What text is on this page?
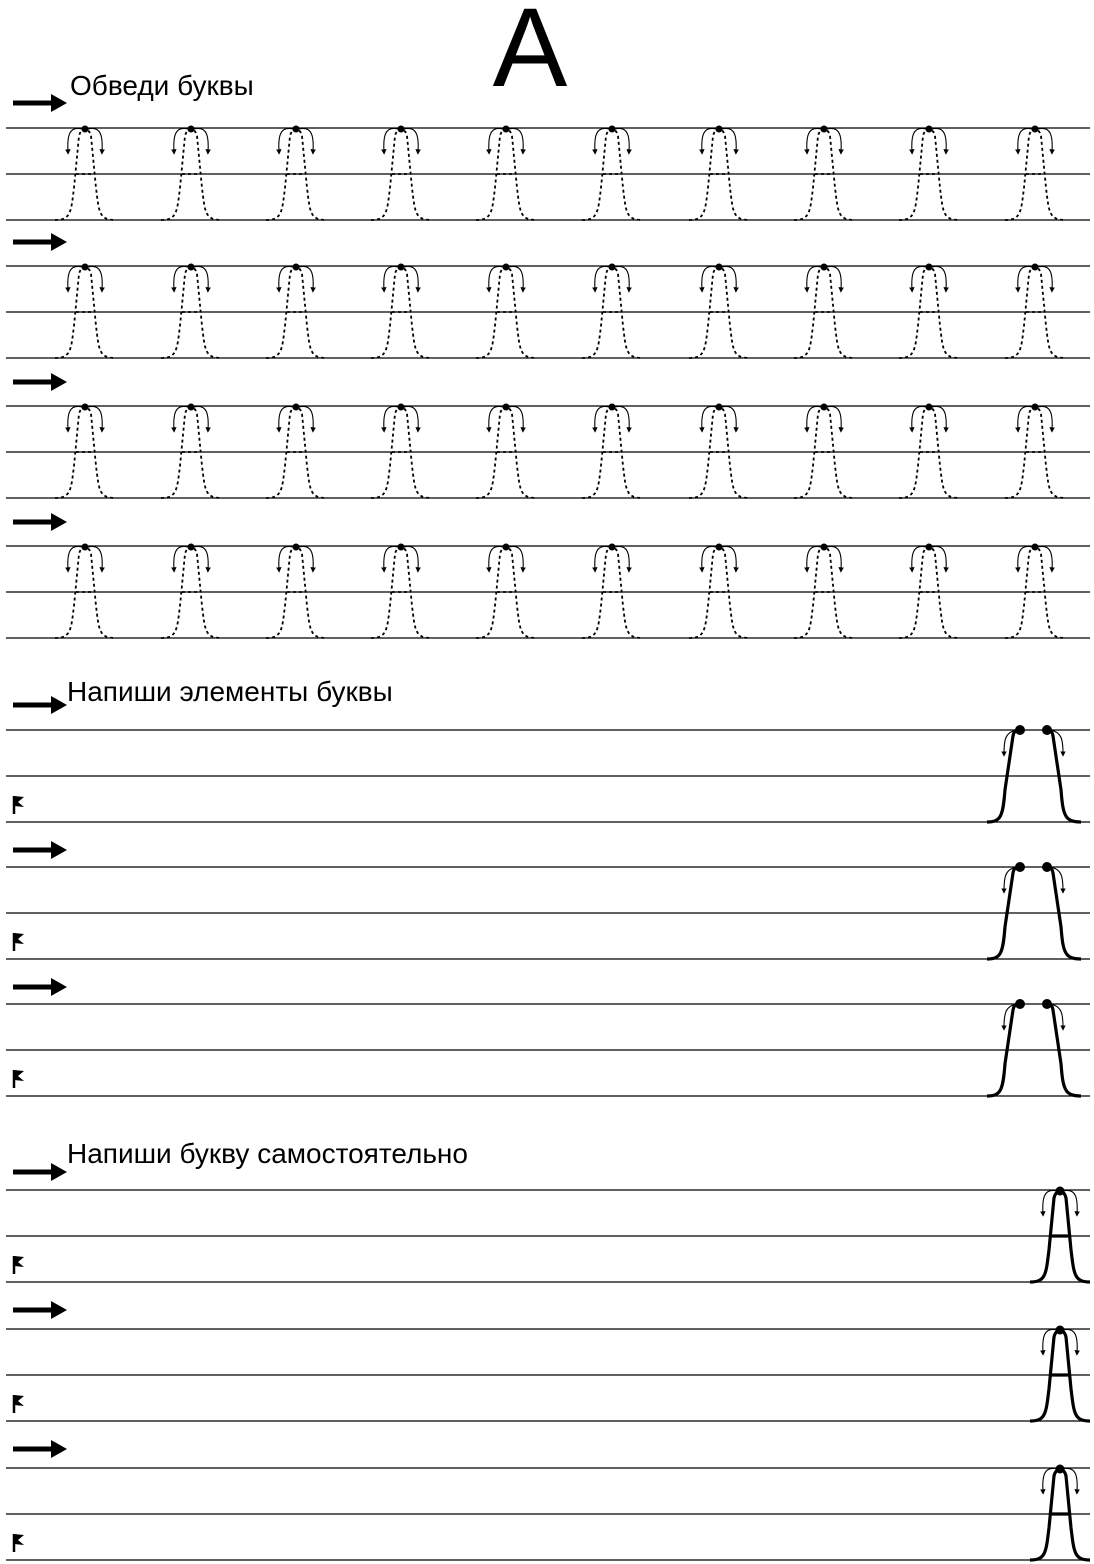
А
Обведи буквы
Напиши элементы буквы
Напиши букву самостоятельно
